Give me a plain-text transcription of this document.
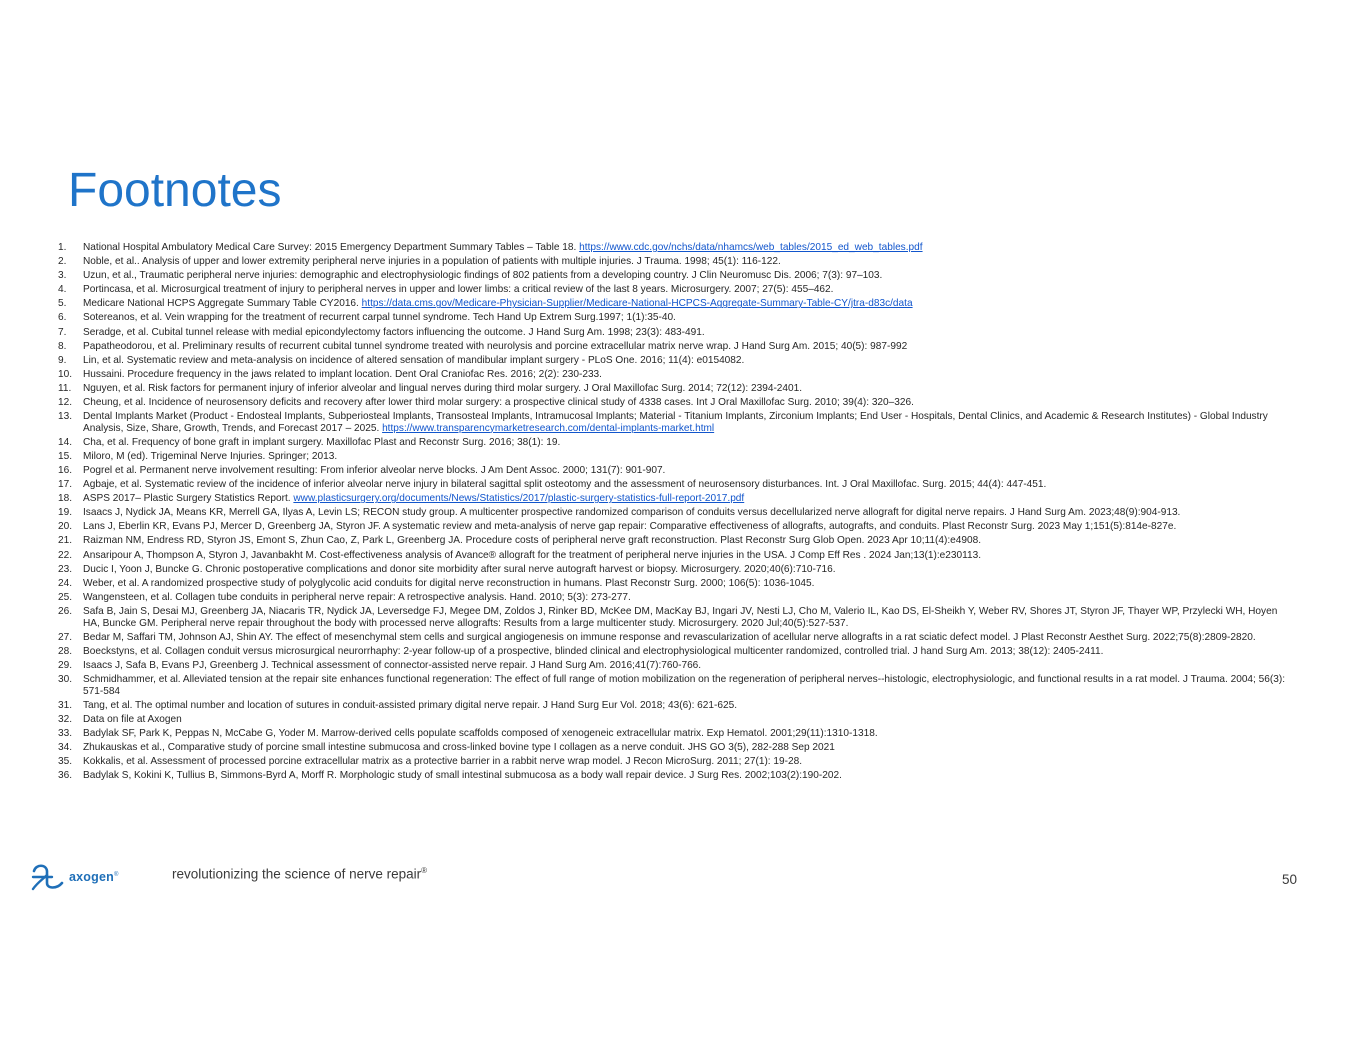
Footnotes
1.	National Hospital Ambulatory Medical Care Survey: 2015 Emergency Department Summary Tables – Table 18. https://www.cdc.gov/nchs/data/nhamcs/web_tables/2015_ed_web_tables.pdf
2.	Noble, et al.. Analysis of upper and lower extremity peripheral nerve injuries in a population of patients with multiple injuries. J Trauma. 1998; 45(1): 116-122.
3.	Uzun, et al., Traumatic peripheral nerve injuries: demographic and electrophysiologic findings of 802 patients from a developing country. J Clin Neuromusc Dis. 2006; 7(3): 97–103.
4.	Portincasa, et al. Microsurgical treatment of injury to peripheral nerves in upper and lower limbs: a critical review of the last 8 years. Microsurgery. 2007; 27(5): 455–462.
5.	Medicare National HCPS Aggregate Summary Table CY2016. https://data.cms.gov/Medicare-Physician-Supplier/Medicare-National-HCPCS-Aggregate-Summary-Table-CY/jtra-d83c/data
6.	Sotereanos, et al. Vein wrapping for the treatment of recurrent carpal tunnel syndrome. Tech Hand Up Extrem Surg.1997; 1(1):35-40.
7.	Seradge, et al. Cubital tunnel release with medial epicondylectomy factors influencing the outcome. J Hand Surg Am. 1998; 23(3): 483-491.
8.	Papatheodorou, et al. Preliminary results of recurrent cubital tunnel syndrome treated with neurolysis and porcine extracellular matrix nerve wrap. J Hand Surg Am. 2015; 40(5): 987-992
9.	Lin, et al. Systematic review and meta-analysis on incidence of altered sensation of mandibular implant surgery - PLoS One. 2016; 11(4): e0154082.
10.	Hussaini. Procedure frequency in the jaws related to implant location. Dent Oral Craniofac Res. 2016; 2(2): 230-233.
11.	Nguyen, et al. Risk factors for permanent injury of inferior alveolar and lingual nerves during third molar surgery. J Oral Maxillofac Surg. 2014; 72(12): 2394-2401.
12.	Cheung, et al. Incidence of neurosensory deficits and recovery after lower third molar surgery: a prospective clinical study of 4338 cases. Int J Oral Maxillofac Surg. 2010; 39(4): 320–326.
13.	Dental Implants Market (Product - Endosteal Implants, Subperiosteal Implants, Transosteal Implants, Intramucosal Implants; Material - Titanium Implants, Zirconium Implants; End User - Hospitals, Dental Clinics, and Academic & Research Institutes) - Global Industry Analysis, Size, Share, Growth, Trends, and Forecast 2017 – 2025. https://www.transparencymarketresearch.com/dental-implants-market.html
14.	Cha, et al. Frequency of bone graft in implant surgery. Maxillofac Plast and Reconstr Surg. 2016; 38(1): 19.
15.	Miloro, M (ed). Trigeminal Nerve Injuries. Springer; 2013.
16.	Pogrel et al. Permanent nerve involvement resulting: From inferior alveolar nerve blocks. J Am Dent Assoc. 2000; 131(7): 901-907.
17.	Agbaje, et al. Systematic review of the incidence of inferior alveolar nerve injury in bilateral sagittal split osteotomy and the assessment of neurosensory disturbances. Int. J Oral Maxillofac. Surg. 2015; 44(4): 447-451.
18.	ASPS 2017– Plastic Surgery Statistics Report. www.plasticsurgery.org/documents/News/Statistics/2017/plastic-surgery-statistics-full-report-2017.pdf
19.	Isaacs J, Nydick JA, Means KR, Merrell GA, Ilyas A, Levin LS; RECON study group. A multicenter prospective randomized comparison of conduits versus decellularized nerve allograft for digital nerve repairs. J Hand Surg Am. 2023;48(9):904-913.
20.	Lans J, Eberlin KR, Evans PJ, Mercer D, Greenberg JA, Styron JF. A systematic review and meta-analysis of nerve gap repair: Comparative effectiveness of allografts, autografts, and conduits. Plast Reconstr Surg. 2023 May 1;151(5):814e-827e.
21.	Raizman NM, Endress RD, Styron JS, Emont S, Zhun Cao, Z, Park L, Greenberg JA. Procedure costs of peripheral nerve graft reconstruction. Plast Reconstr Surg Glob Open. 2023 Apr 10;11(4):e4908.
22.	Ansaripour A, Thompson A, Styron J, Javanbakht M. Cost-effectiveness analysis of Avance® allograft for the treatment of peripheral nerve injuries in the USA. J Comp Eff Res . 2024 Jan;13(1):e230113.
23.	Ducic I, Yoon J, Buncke G. Chronic postoperative complications and donor site morbidity after sural nerve autograft harvest or biopsy. Microsurgery. 2020;40(6):710-716.
24.	Weber, et al. A randomized prospective study of polyglycolic acid conduits for digital nerve reconstruction in humans. Plast Reconstr Surg. 2000; 106(5): 1036-1045.
25.	Wangensteen, et al. Collagen tube conduits in peripheral nerve repair: A retrospective analysis. Hand. 2010; 5(3): 273-277.
26.	Safa B, Jain S, Desai MJ, Greenberg JA, Niacaris TR, Nydick JA, Leversedge FJ, Megee DM, Zoldos J, Rinker BD, McKee DM, MacKay BJ, Ingari JV, Nesti LJ, Cho M, Valerio IL, Kao DS, El-Sheikh Y, Weber RV, Shores JT, Styron JF, Thayer WP, Przylecki WH, Hoyen HA, Buncke GM. Peripheral nerve repair throughout the body with processed nerve allografts: Results from a large multicenter study. Microsurgery. 2020 Jul;40(5):527-537.
27.	Bedar M, Saffari TM, Johnson AJ, Shin AY. The effect of mesenchymal stem cells and surgical angiogenesis on immune response and revascularization of acellular nerve allografts in a rat sciatic defect model. J Plast Reconstr Aesthet Surg. 2022;75(8):2809-2820.
28.	Boeckstyns, et al. Collagen conduit versus microsurgical neurorrhaphy: 2-year follow-up of a prospective, blinded clinical and electrophysiological multicenter randomized, controlled trial. J hand Surg Am. 2013; 38(12): 2405-2411.
29.	Isaacs J, Safa B, Evans PJ, Greenberg J. Technical assessment of connector-assisted nerve repair. J Hand Surg Am. 2016;41(7):760-766.
30.	Schmidhammer, et al. Alleviated tension at the repair site enhances functional regeneration: The effect of full range of motion mobilization on the regeneration of peripheral nerves--histologic, electrophysiologic, and functional results in a rat model. J Trauma. 2004; 56(3): 571-584
31.	Tang, et al. The optimal number and location of sutures in conduit-assisted primary digital nerve repair. J Hand Surg Eur Vol. 2018; 43(6): 621-625.
32.	Data on file at Axogen
33.	Badylak SF, Park K, Peppas N, McCabe G, Yoder M. Marrow-derived cells populate scaffolds composed of xenogeneic extracellular matrix. Exp Hematol. 2001;29(11):1310-1318.
34.	Zhukauskas et al., Comparative study of porcine small intestine submucosa and cross-linked bovine type I collagen as a nerve conduit. JHS GO 3(5), 282-288 Sep 2021
35.	Kokkalis, et al. Assessment of processed porcine extracellular matrix as a protective barrier in a rabbit nerve wrap model. J Recon MicroSurg. 2011; 27(1): 19-28.
36.	Badylak S, Kokini K, Tullius B, Simmons-Byrd A, Morff R. Morphologic study of small intestinal submucosa as a body wall repair device. J Surg Res. 2002;103(2):190-202.
axogen®	revolutionizing the science of nerve repair®
50
